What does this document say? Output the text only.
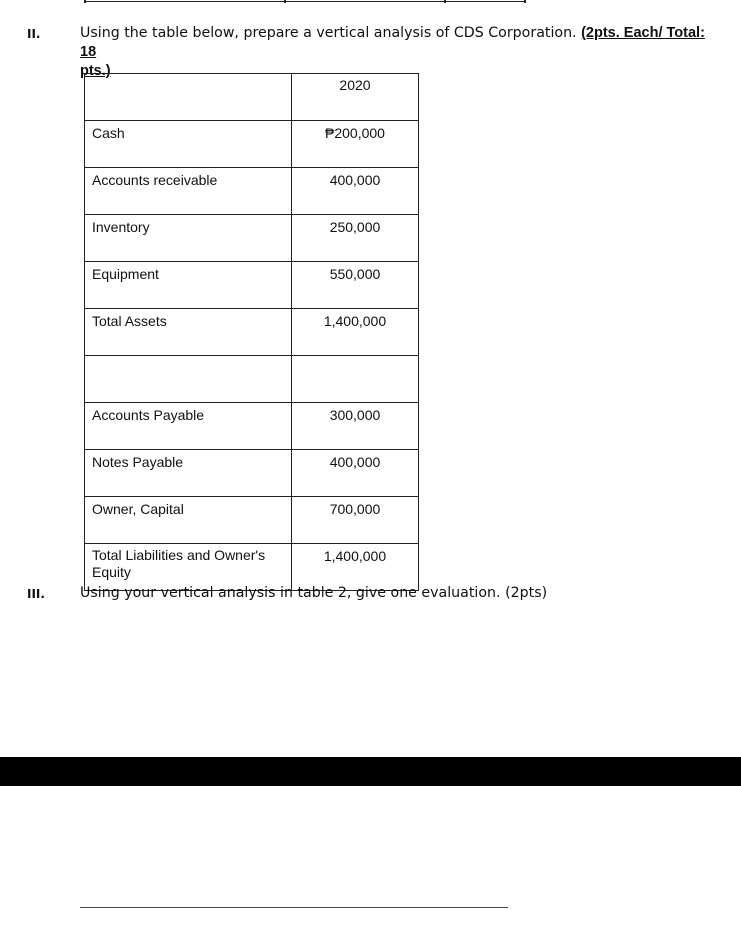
II.	Using the table below, prepare a vertical analysis of CDS Corporation. (2pts. Each/ Total: 18
pts.)
	2020
Cash	₱200,000
Accounts receivable	400,000
Inventory	250,000
Equipment	550,000
Total Assets	1,400,000

Accounts Payable	300,000
Notes Payable	400,000
Owner, Capital	700,000
Total Liabilities and Owner's
Equity	1,400,000
III. Using your vertical analysis in table 2, give one evaluation. (2pts)
